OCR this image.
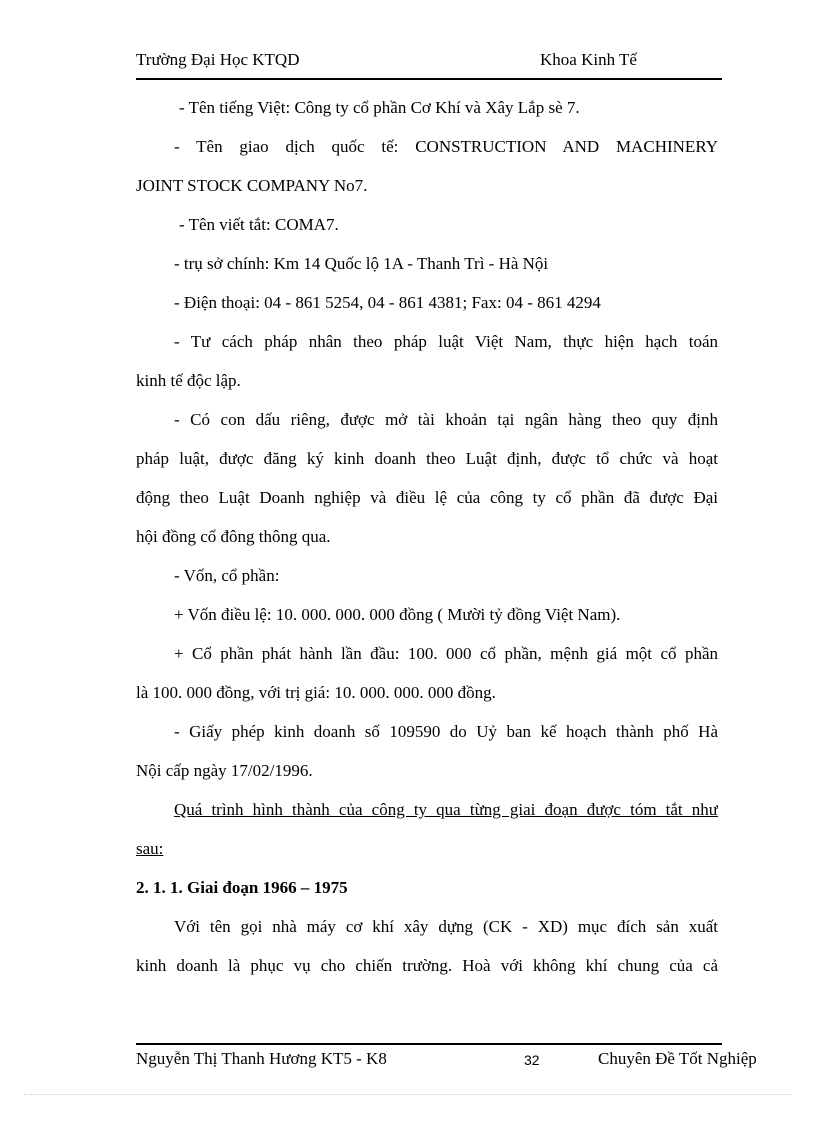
Trường Đại Học KTQD	Khoa Kinh Tế
- Tên tiếng Việt: Công ty cổ phần Cơ Khí và Xây Lắp sè 7.
- Tên giao dịch quốc tế: CONSTRUCTION AND MACHINERY
JOINT STOCK COMPANY No7.
- Tên viết tắt: COMA7.
- trụ sở chính: Km 14 Quốc lộ 1A - Thanh Trì - Hà Nội
- Điện thoại: 04 - 861 5254, 04 - 861 4381; Fax: 04 - 861 4294
- Tư cách pháp nhân theo pháp luật Việt Nam, thực hiện hạch toán
kinh tế độc lập.
- Có con dấu riêng, được mở tài khoản tại ngân hàng theo quy định
pháp luật, được đăng ký kinh doanh theo Luật định, được tổ chức và hoạt
động theo Luật Doanh nghiệp và điều lệ của công ty cổ phần đã được Đại
hội đồng cổ đông thông qua.
- Vốn, cổ phần:
+ Vốn điều lệ: 10. 000. 000. 000 đồng ( Mười tỷ đồng Việt Nam).
+ Cổ phần phát hành lần đầu: 100. 000 cổ phần, mệnh giá một cổ phần
là 100. 000 đồng, với trị giá: 10. 000. 000. 000 đồng.
- Giấy phép kinh doanh số 109590 do Uỷ ban kế hoạch thành phố Hà
Nội cấp ngày 17/02/1996.
Quá trình hình thành của công ty qua từng giai đoạn được tóm tắt như
sau:
2. 1. 1. Giai đoạn 1966 – 1975
Với tên gọi nhà máy cơ khí xây dựng (CK - XD) mục đích sản xuất
kinh doanh là phục vụ cho chiến trường. Hoà với không khí chung của cả
Nguyễn Thị Thanh Hương KT5 - K8	32	Chuyên Đề Tốt Nghiệp
